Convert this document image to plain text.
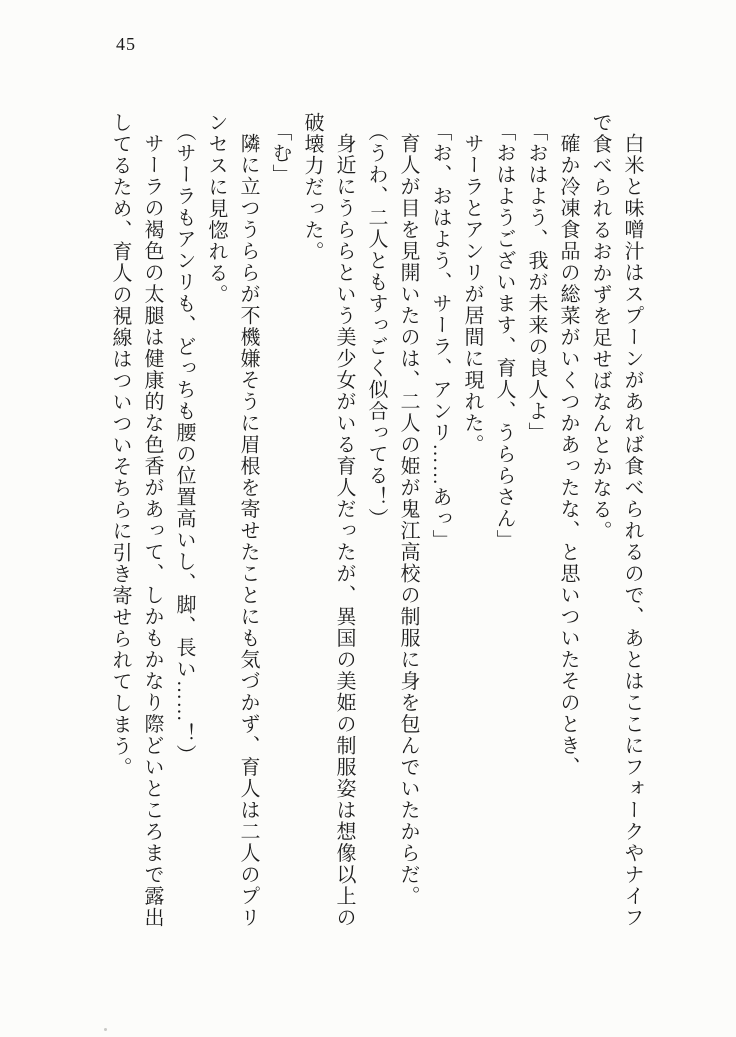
45

白米と味噌汁はスプーンがあれば食べられるので、あとはここにフォークやナイフ

で食べられるおかずを足せばなんとかなる。

確か冷凍食品の総菜がいくつかあったな、と思いついたそのとき、

「おはよう、我が未来の良人よ」

「おはようございます、育人、うららさん」

サーラとアンリが居間に現れた。

「お、おはよう、サーラ、アンリ……あっ」

育人が目を見開いたのは、二人の姫が鬼江高校の制服に身を包んでいたからだ。

（うわ、二人ともすっごく似合ってる！）

身近にうららという美少女がいる育人だったが、異国の美姫の制服姿は想像以上の

破壊力だった。

「む」

隣に立つうららが不機嫌そうに眉根を寄せたことにも気づかず、育人は二人のプリ

ンセスに見惚れる。

（サーラもアンリも、どっちも腰の位置高いし、脚、長い……！）

サーラの褐色の太腿は健康的な色香があって、しかもかなり際どいところまで露出

してるため、育人の視線はついついそちらに引き寄せられてしまう。
